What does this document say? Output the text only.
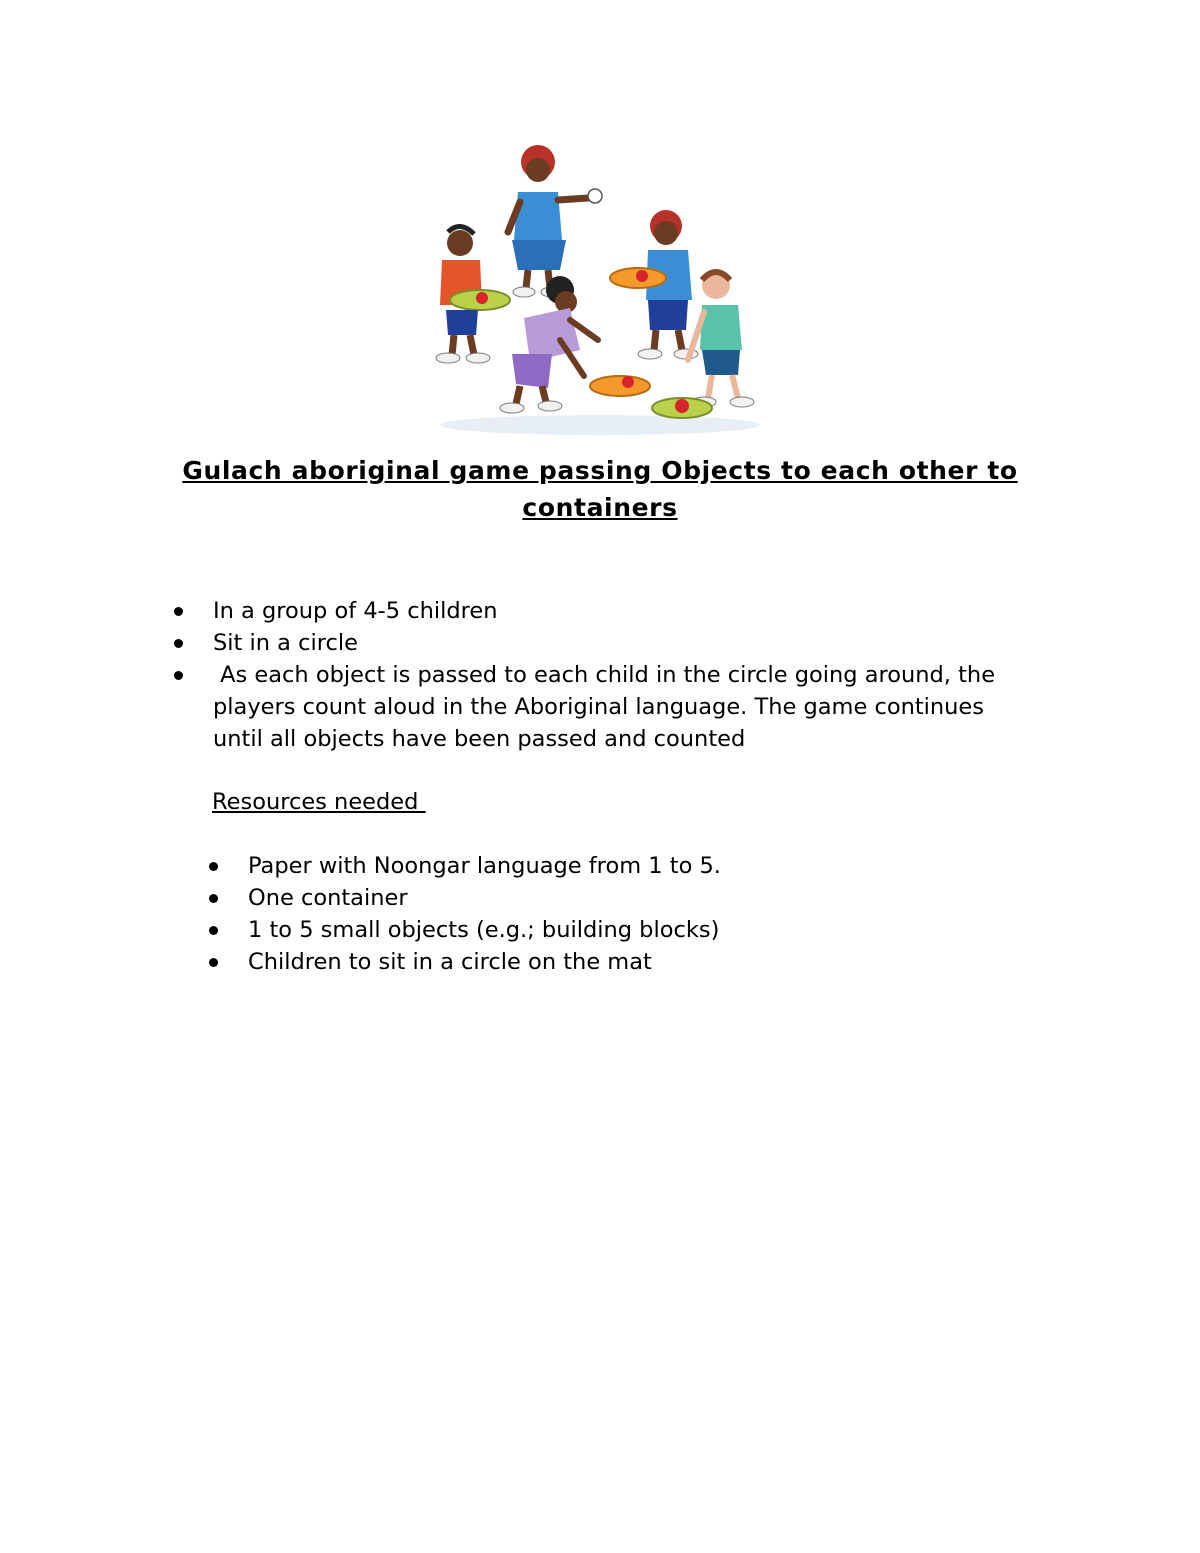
Gulach aboriginal game passing Objects to each other to containers
In a group of 4-5 children
Sit in a circle
As each object is passed to each child in the circle going around, the players count aloud in the Aboriginal language. The game continues until all objects have been passed and counted
Resources needed
Paper with Noongar language from 1 to 5.
One container
1 to 5 small objects (e.g.; building blocks)
Children to sit in a circle on the mat
